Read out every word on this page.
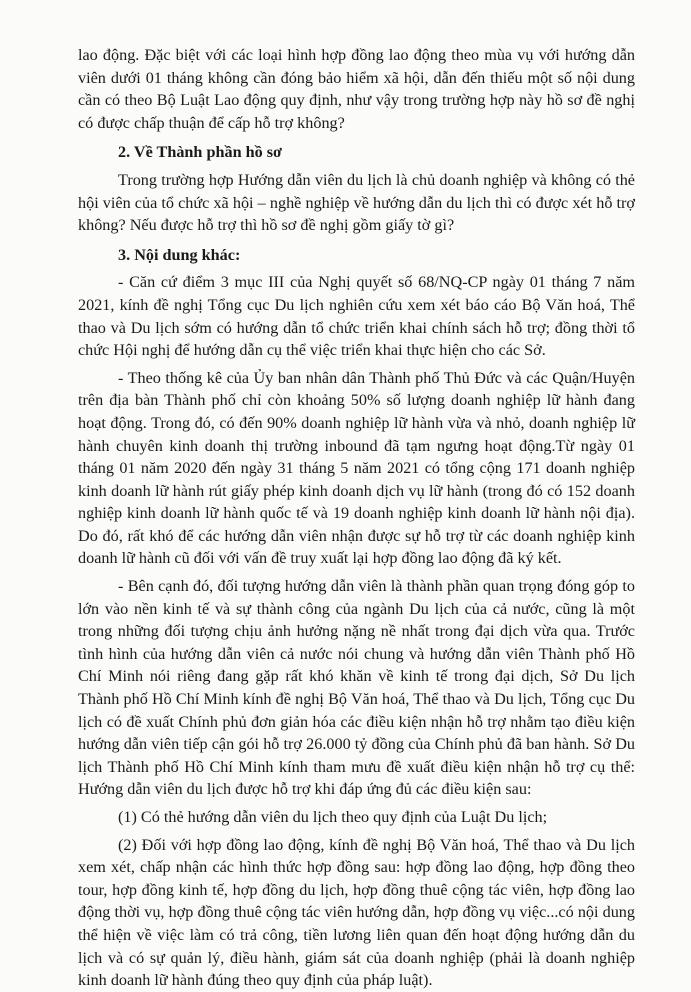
lao động. Đặc biệt với các loại hình hợp đồng lao động theo mùa vụ với hướng dẫn viên dưới 01 tháng không cần đóng bảo hiểm xã hội, dẫn đến thiếu một số nội dung cần có theo Bộ Luật Lao động quy định, như vậy trong trường hợp này hồ sơ đề nghị có được chấp thuận để cấp hỗ trợ không?

2. Về Thành phần hồ sơ

Trong trường hợp Hướng dẫn viên du lịch là chủ doanh nghiệp và không có thẻ hội viên của tổ chức xã hội – nghề nghiệp về hướng dẫn du lịch thì có được xét hỗ trợ không? Nếu được hỗ trợ thì hồ sơ đề nghị gồm giấy tờ gì?

3. Nội dung khác:

- Căn cứ điểm 3 mục III của Nghị quyết số 68/NQ-CP ngày 01 tháng 7 năm 2021, kính đề nghị Tổng cục Du lịch nghiên cứu xem xét báo cáo Bộ Văn hoá, Thể thao và Du lịch sớm có hướng dẫn tổ chức triển khai chính sách hỗ trợ; đồng thời tổ chức Hội nghị để hướng dẫn cụ thể việc triển khai thực hiện cho các Sở.

- Theo thống kê của Ủy ban nhân dân Thành phố Thủ Đức và các Quận/Huyện trên địa bàn Thành phố chỉ còn khoảng 50% số lượng doanh nghiệp lữ hành đang hoạt động. Trong đó, có đến 90% doanh nghiệp lữ hành vừa và nhỏ, doanh nghiệp lữ hành chuyên kinh doanh thị trường inbound đã tạm ngưng hoạt động.Từ ngày 01 tháng 01 năm 2020 đến ngày 31 tháng 5 năm 2021 có tổng cộng 171 doanh nghiệp kinh doanh lữ hành rút giấy phép kinh doanh dịch vụ lữ hành (trong đó có 152 doanh nghiệp kinh doanh lữ hành quốc tế và 19 doanh nghiệp kinh doanh lữ hành nội địa). Do đó, rất khó để các hướng dẫn viên nhận được sự hỗ trợ từ các doanh nghiệp kinh doanh lữ hành cũ đối với vấn đề truy xuất lại hợp đồng lao động đã ký kết.

- Bên cạnh đó, đối tượng hướng dẫn viên là thành phần quan trọng đóng góp to lớn vào nền kinh tế và sự thành công của ngành Du lịch của cả nước, cũng là một trong những đối tượng chịu ảnh hưởng nặng nề nhất trong đại dịch vừa qua. Trước tình hình của hướng dẫn viên cả nước nói chung và hướng dẫn viên Thành phố Hồ Chí Minh nói riêng đang gặp rất khó khăn về kinh tế trong đại dịch, Sở Du lịch Thành phố Hồ Chí Minh kính đề nghị Bộ Văn hoá, Thể thao và Du lịch, Tổng cục Du lịch có đề xuất Chính phủ đơn giản hóa các điều kiện nhận hỗ trợ nhằm tạo điều kiện hướng dẫn viên tiếp cận gói hỗ trợ 26.000 tỷ đồng của Chính phủ đã ban hành. Sở Du lịch Thành phố Hồ Chí Minh kính tham mưu đề xuất điều kiện nhận hỗ trợ cụ thể: Hướng dẫn viên du lịch được hỗ trợ khi đáp ứng đủ các điều kiện sau:

(1) Có thẻ hướng dẫn viên du lịch theo quy định của Luật Du lịch;

(2) Đối với hợp đồng lao động, kính đề nghị Bộ Văn hoá, Thể thao và Du lịch xem xét, chấp nhận các hình thức hợp đồng sau: hợp đồng lao động, hợp đồng theo tour, hợp đồng kinh tế, hợp đồng du lịch, hợp đồng thuê cộng tác viên, hợp đồng lao động thời vụ, hợp đồng thuê cộng tác viên hướng dẫn, hợp đồng vụ việc...có nội dung thể hiện về việc làm có trả công, tiền lương liên quan đến hoạt động hướng dẫn du lịch và có sự quản lý, điều hành, giám sát của doanh nghiệp (phải là doanh nghiệp kinh doanh lữ hành đúng theo quy định của pháp luật).
